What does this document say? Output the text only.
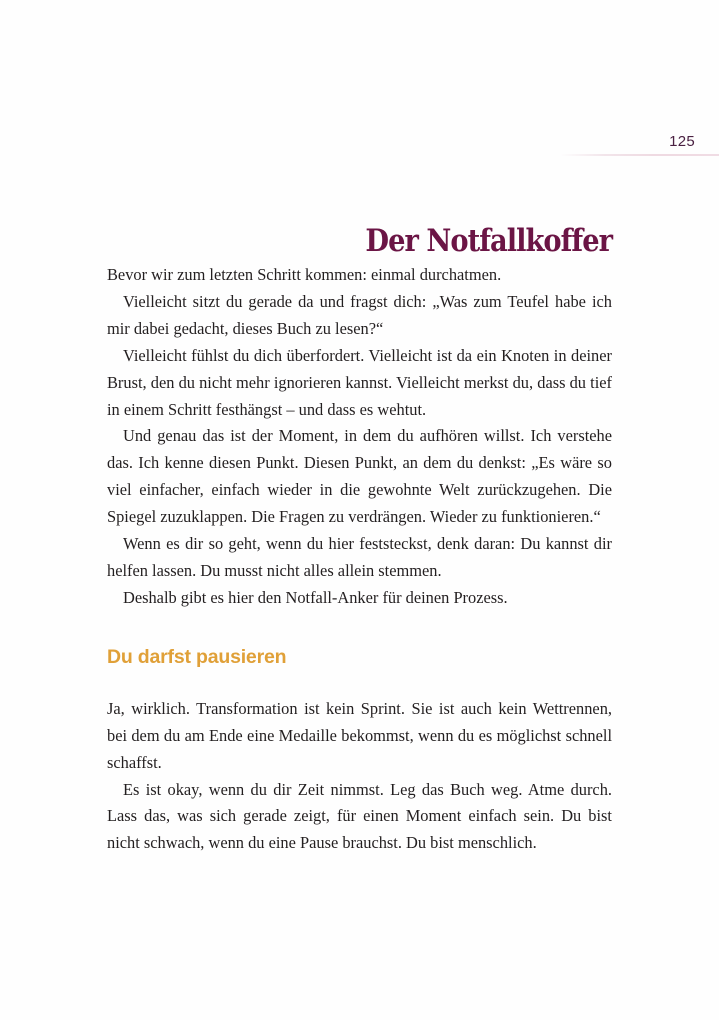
125
Der Notfallkoffer

Bevor wir zum letzten Schritt kommen: einmal durchatmen.

Vielleicht sitzt du gerade da und fragst dich: „Was zum Teufel habe ich mir dabei gedacht, dieses Buch zu lesen?“

Vielleicht fühlst du dich überfordert. Vielleicht ist da ein Knoten in deiner Brust, den du nicht mehr ignorieren kannst. Vielleicht merkst du, dass du tief in einem Schritt festhängst – und dass es wehtut.

Und genau das ist der Moment, in dem du aufhören willst. Ich verstehe das. Ich kenne diesen Punkt. Diesen Punkt, an dem du denkst: „Es wäre so viel einfacher, einfach wieder in die gewohnte Welt zurückzugehen. Die Spiegel zuzuklappen. Die Fragen zu verdrängen. Wieder zu funktionieren.“

Wenn es dir so geht, wenn du hier feststeckst, denk daran: Du kannst dir helfen lassen. Du musst nicht alles allein stemmen.

Deshalb gibt es hier den Notfall-Anker für deinen Prozess.

Du darfst pausieren

Ja, wirklich. Transformation ist kein Sprint. Sie ist auch kein Wettrennen, bei dem du am Ende eine Medaille bekommst, wenn du es möglichst schnell schaffst.

Es ist okay, wenn du dir Zeit nimmst. Leg das Buch weg. Atme durch. Lass das, was sich gerade zeigt, für einen Moment einfach sein. Du bist nicht schwach, wenn du eine Pause brauchst. Du bist menschlich.
